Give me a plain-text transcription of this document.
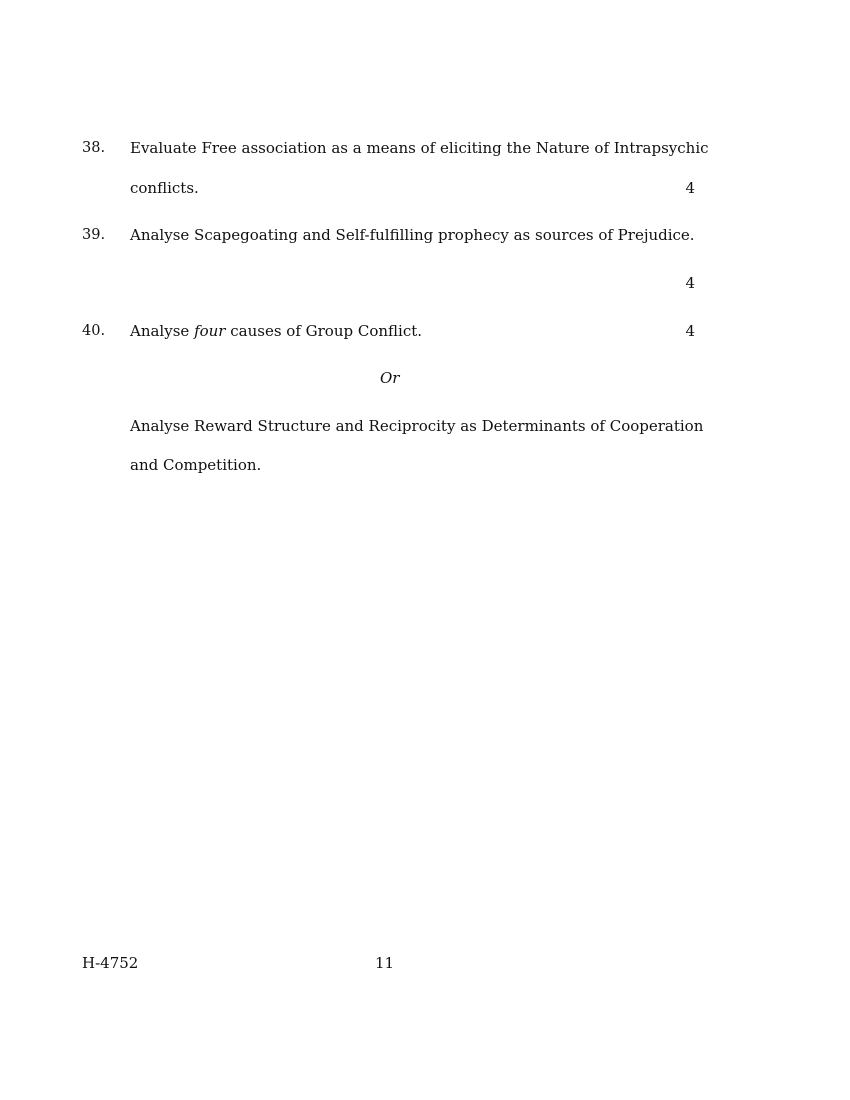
38. Evaluate Free association as a means of eliciting the Nature of Intrapsychic
conflicts.	4
39. Analyse Scapegoating and Self-fulfilling prophecy as sources of Prejudice.
4
40. Analyse four causes of Group Conflict.	4
Or
Analyse Reward Structure and Reciprocity as Determinants of Cooperation
and Competition.
H-4752	11
